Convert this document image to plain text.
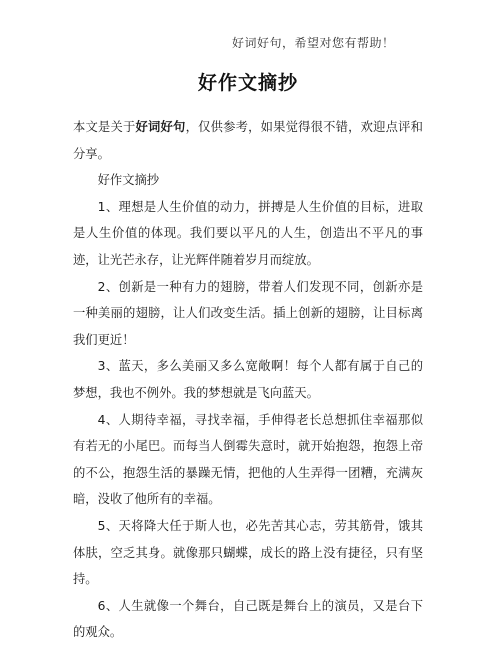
好词好句，希望对您有帮助！
好作文摘抄

本文是关于好词好句，仅供参考，如果觉得很不错，欢迎点评和分享。

好作文摘抄

1、理想是人生价值的动力，拼搏是人生价值的目标，进取是人生价值的体现。我们要以平凡的人生，创造出不平凡的事迹，让光芒永存，让光辉伴随着岁月而绽放。

2、创新是一种有力的翅膀，带着人们发现不同，创新亦是一种美丽的翅膀，让人们改变生活。插上创新的翅膀，让目标离我们更近！

3、蓝天，多么美丽又多么宽敞啊！每个人都有属于自己的梦想，我也不例外。我的梦想就是飞向蓝天。

4、人期待幸福，寻找幸福，手伸得老长总想抓住幸福那似有若无的小尾巴。而每当人倒霉失意时，就开始抱怨，抱怨上帝的不公，抱怨生活的暴躁无情，把他的人生弄得一团糟，充满灰暗，没收了他所有的幸福。

5、天将降大任于斯人也，必先苦其心志，劳其筋骨，饿其体肤，空乏其身。就像那只蝴蝶，成长的路上没有捷径，只有坚持。

6、人生就像一个舞台，自己既是舞台上的演员，又是台下的观众。
